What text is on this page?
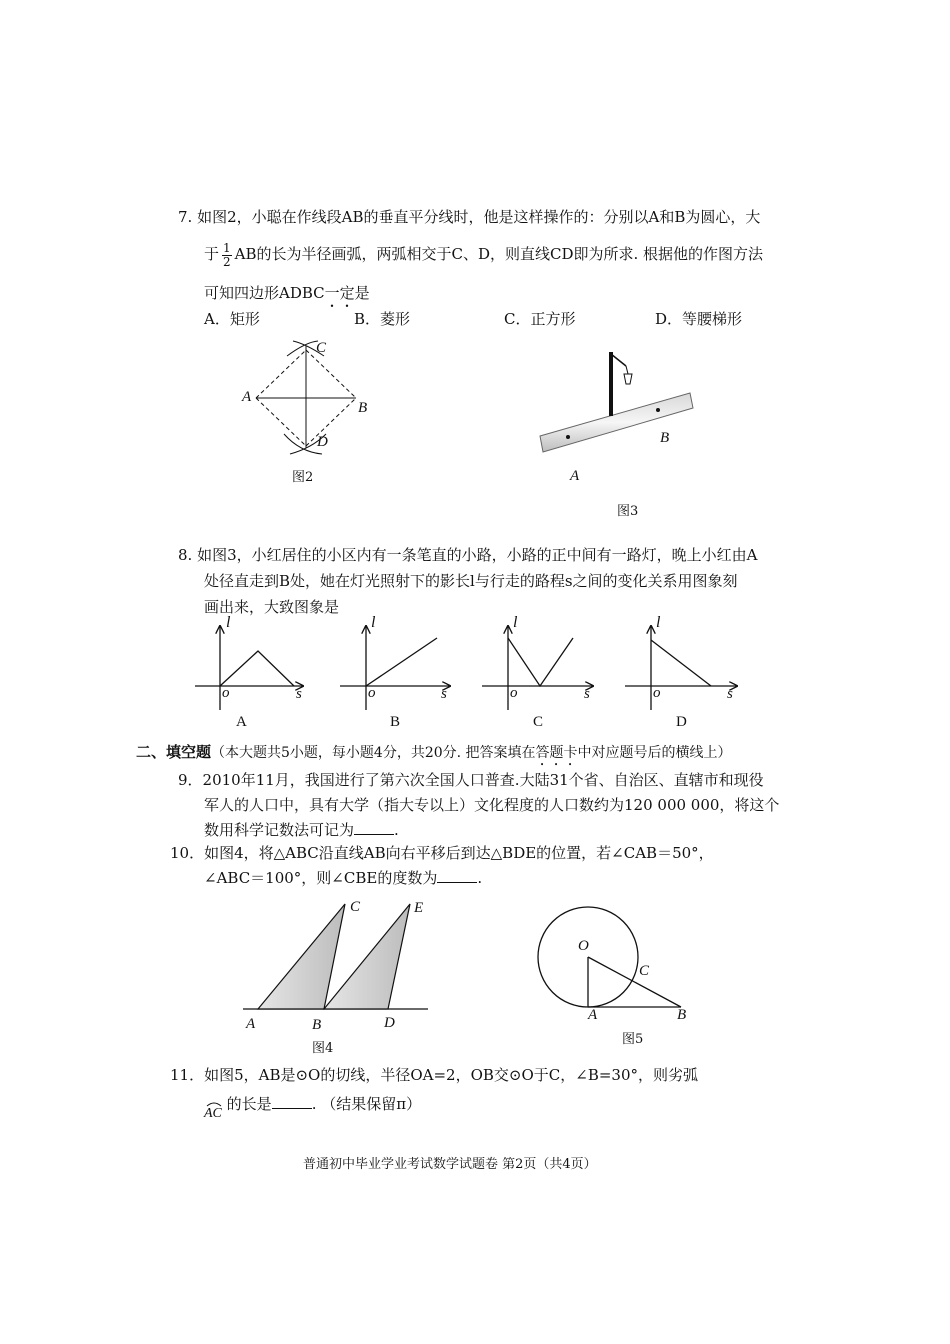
7. 如图2，小聪在作线段AB的垂直平分线时，他是这样操作的：分别以A和B为圆心，大
于 $\frac{1}{2}$ AB的长为半径画弧，两弧相交于C、D，则直线CD即为所求. 根据他的作图方法
可知四边形ADBC一定是
A．矩形	B．菱形	C．正方形	D．等腰梯形
A
B
C
D
图2	A
B
图3
8. 如图3，小红居住的小区内有一条笔直的小路，小路的正中间有一路灯，晚上小红由A
处径直走到B处，她在灯光照射下的影长l与行走的路程s之间的变化关系用图象刻
画出来，大致图象是
l
s
o
A
l
s
o
B
l
s
o
C
l
s
o
D
二、填空题（本大题共5小题，每小题4分，共20分. 把答案填在答题卡中对应题号后的横线上）
9．2010年11月，我国进行了第六次全国人口普查.大陆31个省、自治区、直辖市和现役
军人的人口中，具有大学（指大专以上）文化程度的人口数约为120 000 000，将这个
数用科学记数法可记为	.
10．如图4，将△ABC沿直线AB向右平移后到达△BDE的位置，若∠CAB＝50°，
∠ABC＝100°，则∠CBE的度数为	.
A	B
C
D
E
图4
O
A	B
C
图5
11．如图5，AB是⊙O的切线，半径OA=2，OB交⊙O于C，∠B=30°，则劣弧
AC 的长是	. （结果保留π）
普通初中毕业学业考试数学试题卷 第2页（共4页）
